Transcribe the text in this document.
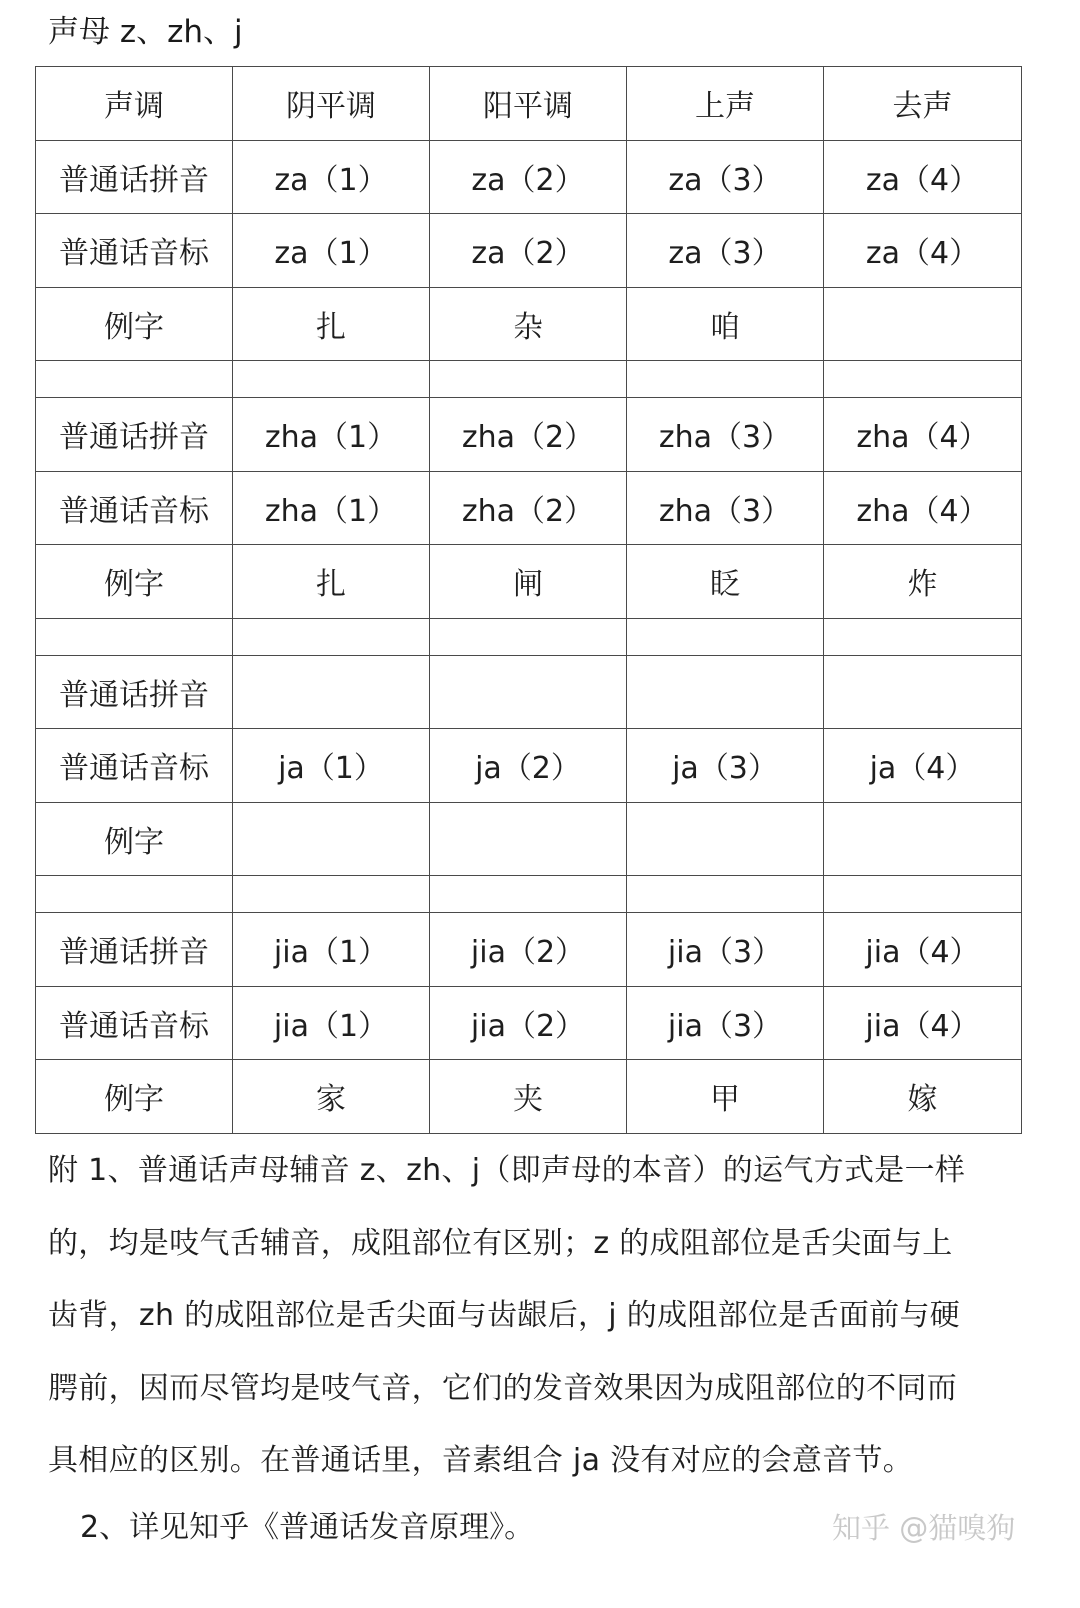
声母 z、zh、j
声调	阴平调	阳平调	上声	去声
普通话拼音	za（1）	za（2）	za（3）	za（4）
普通话音标	za（1）	za（2）	za（3）	za（4）
例字	扎	杂	咱	

普通话拼音	zha（1）	zha（2）	zha（3）	zha（4）
普通话音标	zha（1）	zha（2）	zha（3）	zha（4）
例字	扎	闸	眨	炸

普通话拼音				
普通话音标	ja（1）	ja（2）	ja（3）	ja（4）
例字				

普通话拼音	jia（1）	jia（2）	jia（3）	jia（4）
普通话音标	jia（1）	jia（2）	jia（3）	jia（4）
例字	家	夹	甲	嫁
附 1、普通话声母辅音 z、zh、j（即声母的本音）的运气方式是一样
的，均是吱气舌辅音，成阻部位有区别；z 的成阻部位是舌尖面与上
齿背，zh 的成阻部位是舌尖面与齿龈后，j 的成阻部位是舌面前与硬
腭前，因而尽管均是吱气音，它们的发音效果因为成阻部位的不同而
具相应的区别。在普通话里，音素组合 ja 没有对应的会意音节。
2、详见知乎《普通话发音原理》。	知乎 @猫嗅狗
